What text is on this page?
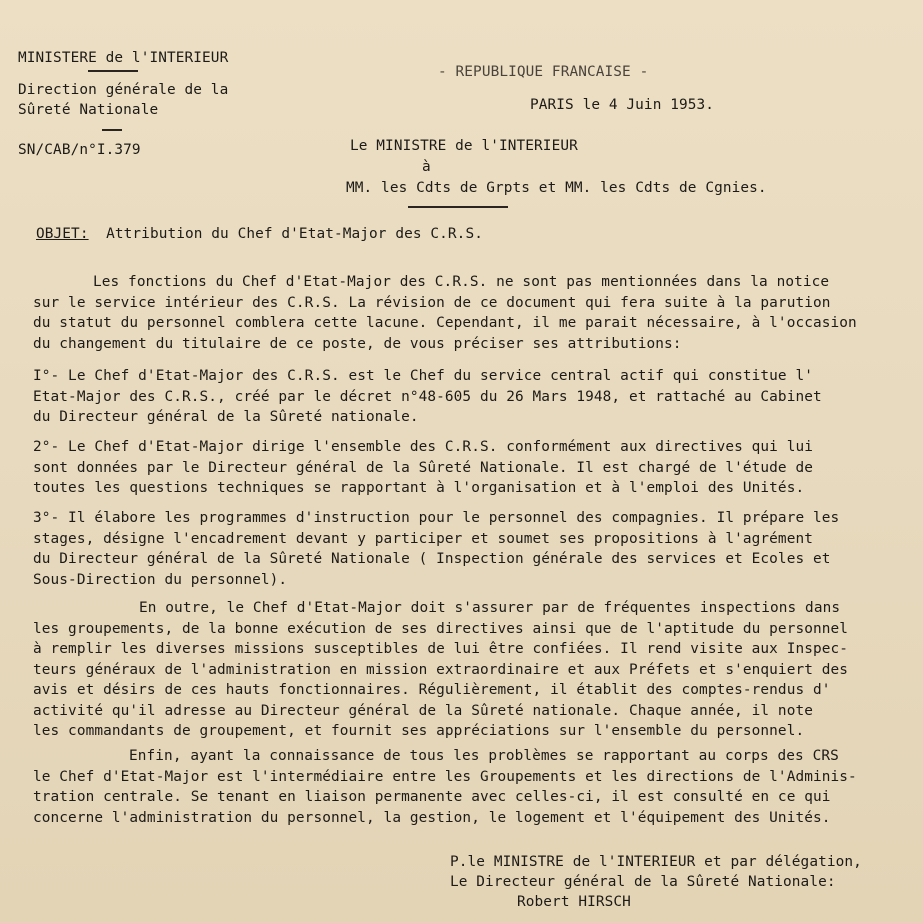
MINISTERE de l'INTERIEUR
Direction générale de la
Sûreté Nationale
SN/CAB/n°I.379
- REPUBLIQUE FRANCAISE -
PARIS le 4 Juin 1953.
Le MINISTRE de l'INTERIEUR
à
MM. les Cdts de Grpts et MM. les Cdts de Cgnies.
OBJET: Attribution du Chef d'Etat-Major des C.R.S.
Les fonctions du Chef d'Etat-Major des C.R.S. ne sont pas mentionnées dans la notice
sur le service intérieur des C.R.S. La révision de ce document qui fera suite à la parution
du statut du personnel comblera cette lacune. Cependant, il me parait nécessaire, à l'occasion
du changement du titulaire de ce poste, de vous préciser ses attributions:
I°- Le Chef d'Etat-Major des C.R.S. est le Chef du service central actif qui constitue l'
Etat-Major des C.R.S., créé par le décret n°48-605 du 26 Mars 1948, et rattaché au Cabinet
du Directeur général de la Sûreté nationale.
2°- Le Chef d'Etat-Major dirige l'ensemble des C.R.S. conformément aux directives qui lui
sont données par le Directeur général de la Sûreté Nationale. Il est chargé de l'étude de
toutes les questions techniques se rapportant à l'organisation et à l'emploi des Unités.
3°- Il élabore les programmes d'instruction pour le personnel des compagnies. Il prépare les
stages, désigne l'encadrement devant y participer et soumet ses propositions à l'agrément
du Directeur général de la Sûreté Nationale ( Inspection générale des services et Ecoles et
Sous-Direction du personnel).
En outre, le Chef d'Etat-Major doit s'assurer par de fréquentes inspections dans
les groupements, de la bonne exécution de ses directives ainsi que de l'aptitude du personnel
à remplir les diverses missions susceptibles de lui être confiées. Il rend visite aux Inspec-
teurs généraux de l'administration en mission extraordinaire et aux Préfets et s'enquiert des
avis et désirs de ces hauts fonctionnaires. Régulièrement, il établit des comptes-rendus d'
activité qu'il adresse au Directeur général de la Sûreté nationale. Chaque année, il note
les commandants de groupement, et fournit ses appréciations sur l'ensemble du personnel.
Enfin, ayant la connaissance de tous les problèmes se rapportant au corps des CRS
le Chef d'Etat-Major est l'intermédiaire entre les Groupements et les directions de l'Adminis-
tration centrale. Se tenant en liaison permanente avec celles-ci, il est consulté en ce qui
concerne l'administration du personnel, la gestion, le logement et l'équipement des Unités.
P.le MINISTRE de l'INTERIEUR et par délégation,
Le Directeur général de la Sûreté Nationale:
Robert HIRSCH
